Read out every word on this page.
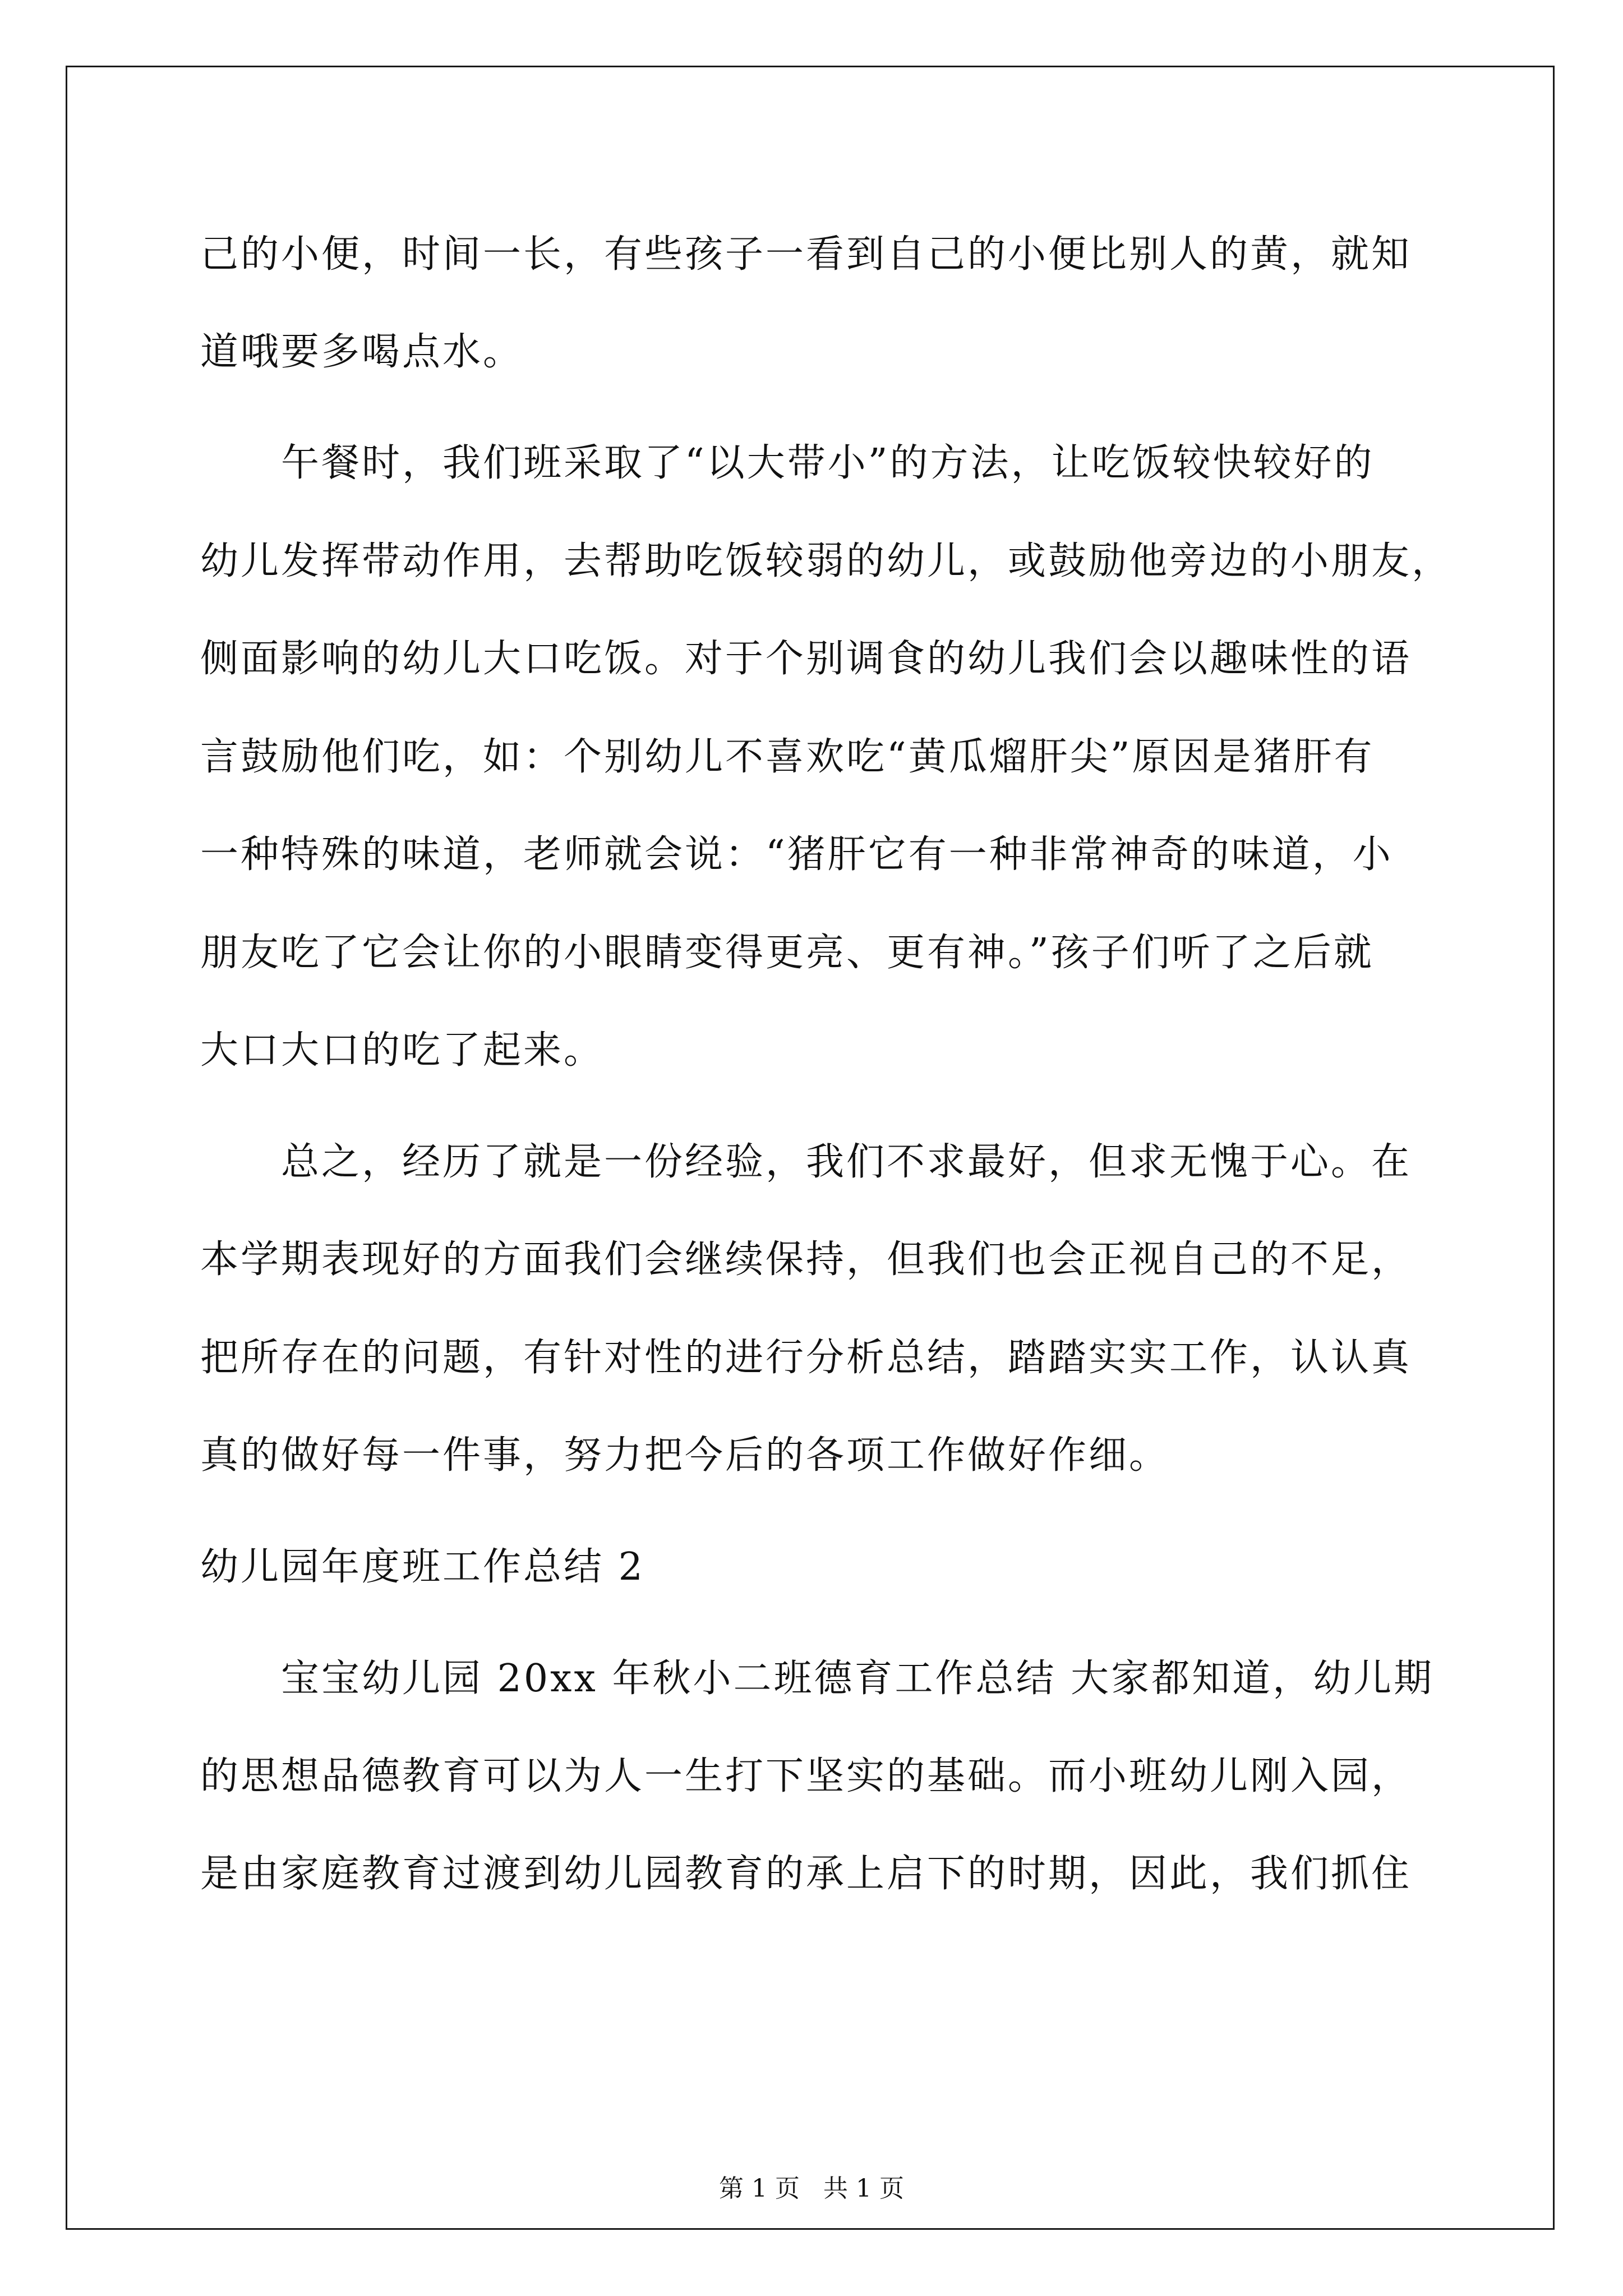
己的小便，时间一长，有些孩子一看到自己的小便比别人的黄，就知
道哦要多喝点水。
午餐时，我们班采取了“以大带小”的方法，让吃饭较快较好的
幼儿发挥带动作用，去帮助吃饭较弱的幼儿，或鼓励他旁边的小朋友，
侧面影响的幼儿大口吃饭。对于个别调食的幼儿我们会以趣味性的语
言鼓励他们吃，如：个别幼儿不喜欢吃“黄瓜熘肝尖”原因是猪肝有
一种特殊的味道，老师就会说：“猪肝它有一种非常神奇的味道，小
朋友吃了它会让你的小眼睛变得更亮、更有神。”孩子们听了之后就
大口大口的吃了起来。
总之，经历了就是一份经验，我们不求最好，但求无愧于心。在
本学期表现好的方面我们会继续保持，但我们也会正视自己的不足，
把所存在的问题，有针对性的进行分析总结，踏踏实实工作，认认真
真的做好每一件事，努力把今后的各项工作做好作细。
幼儿园年度班工作总结 2
宝宝幼儿园 20xx 年秋小二班德育工作总结 大家都知道，幼儿期
的思想品德教育可以为人一生打下坚实的基础。而小班幼儿刚入园，
是由家庭教育过渡到幼儿园教育的承上启下的时期，因此，我们抓住
第 1 页   共 1 页
